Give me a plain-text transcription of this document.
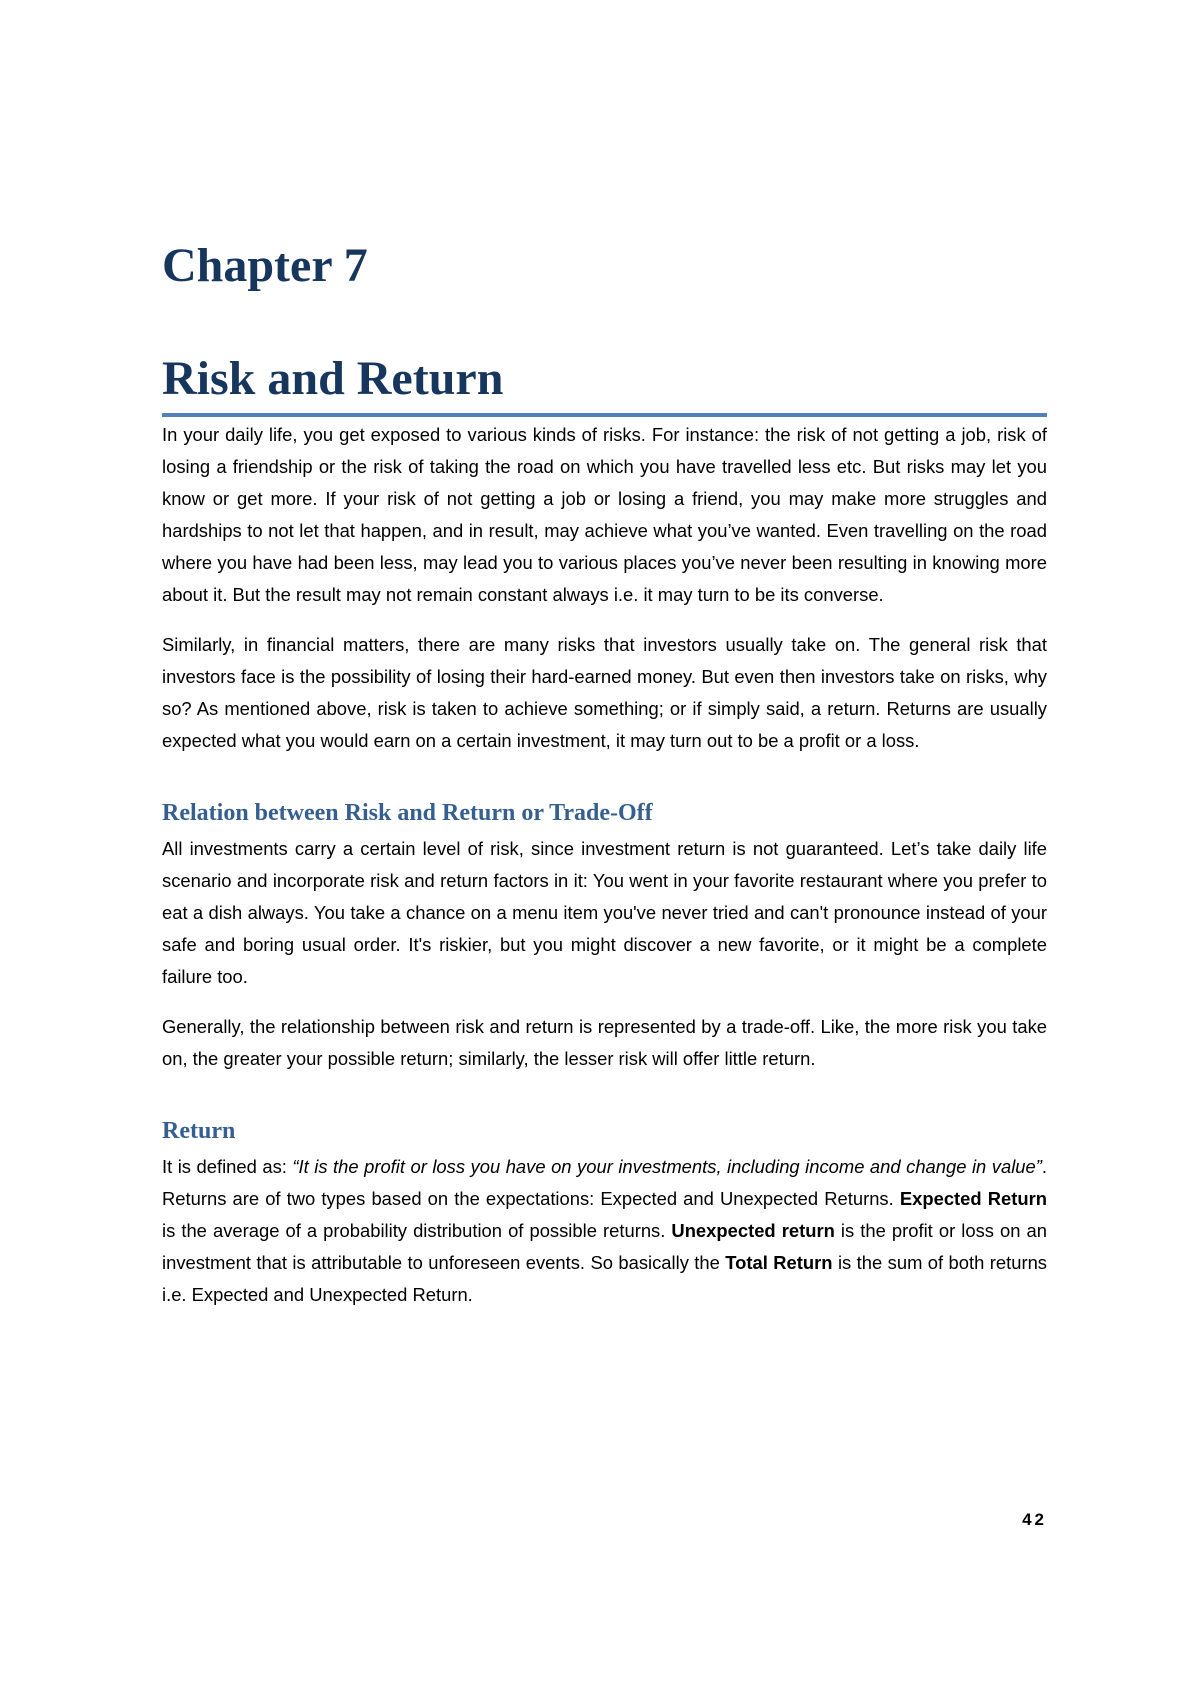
Chapter 7
Risk and Return

In your daily life, you get exposed to various kinds of risks. For instance: the risk of not getting a job, risk of losing a friendship or the risk of taking the road on which you have travelled less etc. But risks may let you know or get more. If your risk of not getting a job or losing a friend, you may make more struggles and hardships to not let that happen, and in result, may achieve what you’ve wanted. Even travelling on the road where you have had been less, may lead you to various places you’ve never been resulting in knowing more about it. But the result may not remain constant always i.e. it may turn to be its converse.

Similarly, in financial matters, there are many risks that investors usually take on. The general risk that investors face is the possibility of losing their hard-earned money. But even then investors take on risks, why so? As mentioned above, risk is taken to achieve something; or if simply said, a return. Returns are usually expected what you would earn on a certain investment, it may turn out to be a profit or a loss.

Relation between Risk and Return or Trade-Off

All investments carry a certain level of risk, since investment return is not guaranteed. Let’s take daily life scenario and incorporate risk and return factors in it: You went in your favorite restaurant where you prefer to eat a dish always. You take a chance on a menu item you've never tried and can't pronounce instead of your safe and boring usual order. It's riskier, but you might discover a new favorite, or it might be a complete failure too.

Generally, the relationship between risk and return is represented by a trade-off. Like, the more risk you take on, the greater your possible return; similarly, the lesser risk will offer little return.

Return

It is defined as: “It is the profit or loss you have on your investments, including income and change in value”. Returns are of two types based on the expectations: Expected and Unexpected Returns. Expected Return is the average of a probability distribution of possible returns. Unexpected return is the profit or loss on an investment that is attributable to unforeseen events. So basically the Total Return is the sum of both returns i.e. Expected and Unexpected Return.

42
